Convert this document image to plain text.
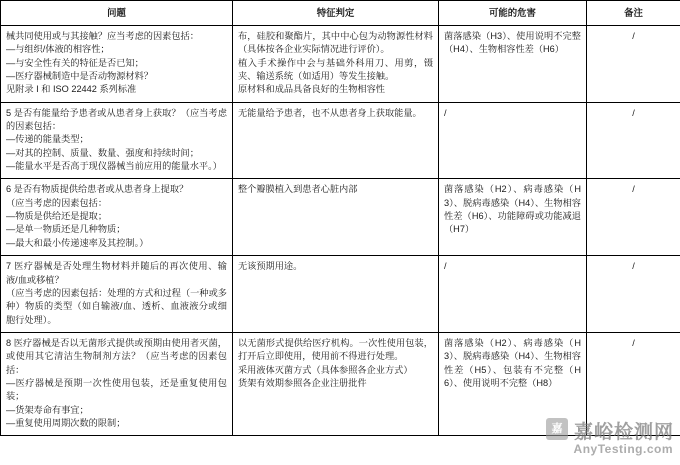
问题	特征判定	可能的危害	备注

械共同使用或与其接触？应当考虑的因素包括：
—与组织/体液的相容性；
—与安全性有关的特征是否已知；
—医疗器械制造中是否动物源材料？
见附录 I 和 ISO 22442 系列标准	布，硅胶和聚酯片，其中中心包为动物源性材料（具体按各企业实际情况进行评价）。
植入手术操作中会与基础外科用刀、用剪，镊夹、输送系统（如适用）等发生接触。
原材料和成品具备良好的生物相容性	菌落感染（H3）、使用说明不完整（H4）、生物相容性差（H6）	/

5 是否有能量给予患者或从患者身上获取？（应当考虑的因素包括：
—传递的能量类型；
—对其的控制、质量、数量、强度和持续时间；
—能量水平是否高于现仪器械当前应用的能量水平。）	无能量给予患者，也不从患者身上获取能量。	/	/

6 是否有物质提供给患者或从患者身上提取？
（应当考虑的因素包括：
—物质是供给还是提取；
—是单一物质还是几种物质；
—最大和最小传递速率及其控制。）	整个瓣膜植入到患者心脏内部	菌落感染（H2）、病毒感染（H3）、脱病毒感染（H4）、生物相容性差（H6）、功能障碍或功能减退（H7）	/

7 医疗器械是否处理生物材料并随后的再次使用、输液/血或移植？
（应当考虑的因素包括：处理的方式和过程（一种或多种）物质的类型（如自输液/血、透析、血液液分或细胞行处理）。	无该预期用途。	/	/

8 医疗器械是否以无菌形式提供或预期由使用者灭菌，或使用其它清洁生物制剂方法？（应当考虑的因素包括：
—医疗器械是预期一次性使用包装，还是重复使用包装；
—货架寿命有事宜；
—重复使用周期次数的限制；	以无菌形式提供给医疗机构。一次性使用包装，打开后立即使用，使用前不得进行处理。
采用液体灭菌方式（具体参照各企业方式）
货架有效期参照各企业注册批件	菌落感染（H2）、病毒感染（H3）、脱病毒感染（H4）、生物相容性差（H5）、包装有不完整（H6）、使用说明不完整（H8）	/
嘉 嘉峪检测网
AnyTesting.com
